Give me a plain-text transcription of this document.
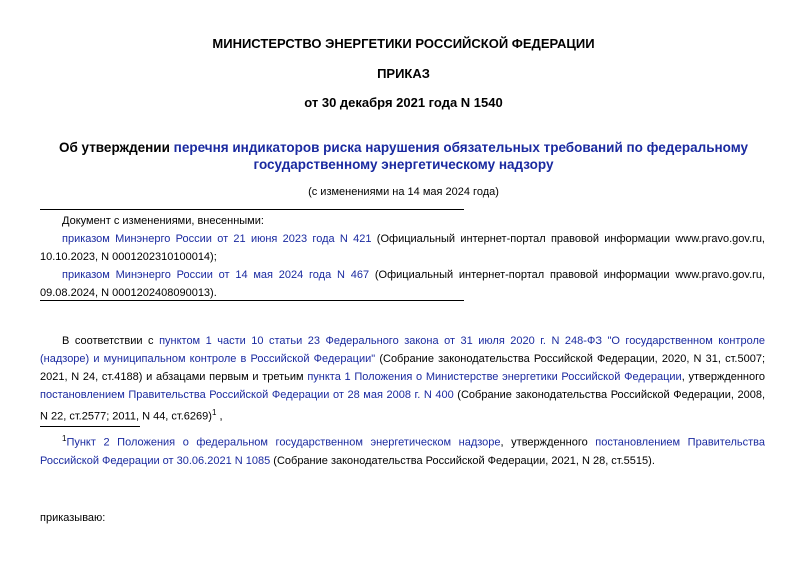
МИНИСТЕРСТВО ЭНЕРГЕТИКИ РОССИЙСКОЙ ФЕДЕРАЦИИ
ПРИКАЗ
от 30 декабря 2021 года N 1540
Об утверждении перечня индикаторов риска нарушения обязательных требований по федеральному государственному энергетическому надзору
(с изменениями на 14 мая 2024 года)
Документ с изменениями, внесенными:
приказом Минэнерго России от 21 июня 2023 года N 421 (Официальный интернет-портал правовой информации www.pravo.gov.ru, 10.10.2023, N 0001202310100014);
приказом Минэнерго России от 14 мая 2024 года N 467 (Официальный интернет-портал правовой информации www.pravo.gov.ru, 09.08.2024, N 0001202408090013).
В соответствии с пунктом 1 части 10 статьи 23 Федерального закона от 31 июля 2020 г. N 248-ФЗ "О государственном контроле (надзоре) и муниципальном контроле в Российской Федерации" (Собрание законодательства Российской Федерации, 2020, N 31, ст.5007; 2021, N 24, ст.4188) и абзацами первым и третьим пункта 1 Положения о Министерстве энергетики Российской Федерации, утвержденного постановлением Правительства Российской Федерации от 28 мая 2008 г. N 400 (Собрание законодательства Российской Федерации, 2008, N 22, ст.2577; 2011, N 44, ст.6269)$^1$ ,
$^1$Пункт 2 Положения о федеральном государственном энергетическом надзоре, утвержденного постановлением Правительства Российской Федерации от 30.06.2021 N 1085 (Собрание законодательства Российской Федерации, 2021, N 28, ст.5515).
приказываю:
